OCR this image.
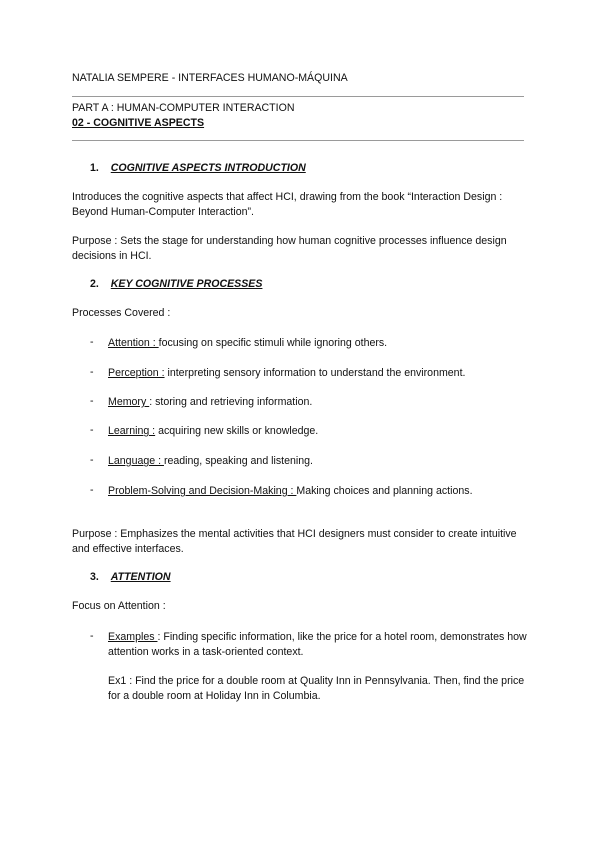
NATALIA SEMPERE - INTERFACES HUMANO-MÁQUINA
PART A : HUMAN-COMPUTER INTERACTION
02 - COGNITIVE ASPECTS
1. COGNITIVE ASPECTS INTRODUCTION
Introduces the cognitive aspects that affect HCI, drawing from the book “Interaction Design : Beyond Human-Computer Interaction”.
Purpose : Sets the stage for understanding how human cognitive processes influence design decisions in HCI.
2. KEY COGNITIVE PROCESSES
Processes Covered :
- Attention : focusing on specific stimuli while ignoring others.
- Perception : interpreting sensory information to understand the environment.
- Memory : storing and retrieving information.
- Learning : acquiring new skills or knowledge.
- Language : reading, speaking and listening.
- Problem-Solving and Decision-Making : Making choices and planning actions.
Purpose : Emphasizes the mental activities that HCI designers must consider to create intuitive and effective interfaces.
3. ATTENTION
Focus on Attention :
- Examples : Finding specific information, like the price for a hotel room, demonstrates how attention works in a task-oriented context.
Ex1 : Find the price for a double room at Quality Inn in Pennsylvania. Then, find the price for a double room at Holiday Inn in Columbia.
